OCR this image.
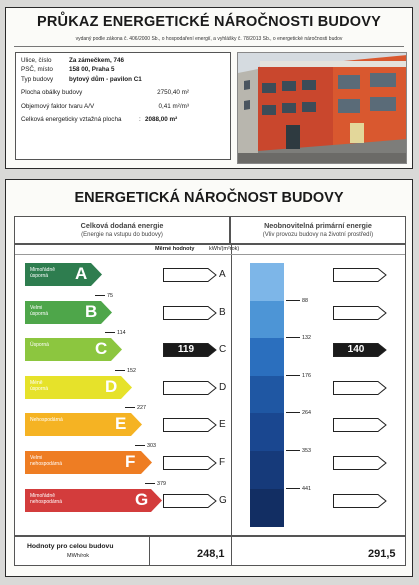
PRŮKAZ ENERGETICKÉ NÁROČNOSTI BUDOVY
vydaný podle zákona č. 406/2000 Sb., o hospodaření energií, a vyhlášky č. 78/2013 Sb., o energetické náročnosti budov
Ulice, číslo	Za zámečkem, 746
PSČ, místo	158 00, Praha 5
Typ budovy	bytový dům - pavilon C1
Plocha obálky budovy	2750,40 m²
Objemový faktor tvaru A/V	0,41 m²/m³
Celková energeticky vztažná plocha	: 2088,00 m²
ENERGETICKÁ NÁROČNOST BUDOVY
Celková dodaná energie
(Energie na vstupu do budovy)
Neobnovitelná primární energie
(Vliv provozu budovy na životní prostředí)
Měrné hodnoty	kWh/(m²rok)
Mimořádně
úsporná	A	A
Velmi
úsporná B	B
Úsporná	C	119	C	140
Méně
úsporná	D	D
Nehospodárná	E	E
Velmi
nehospodárná	F	F
Mimořádně
nehospodárná	G	G
75
114
152
227
303
379
88
132
176
264
353
441
Hodnoty pro celou budovu
MWh/rok	248,1	291,5
